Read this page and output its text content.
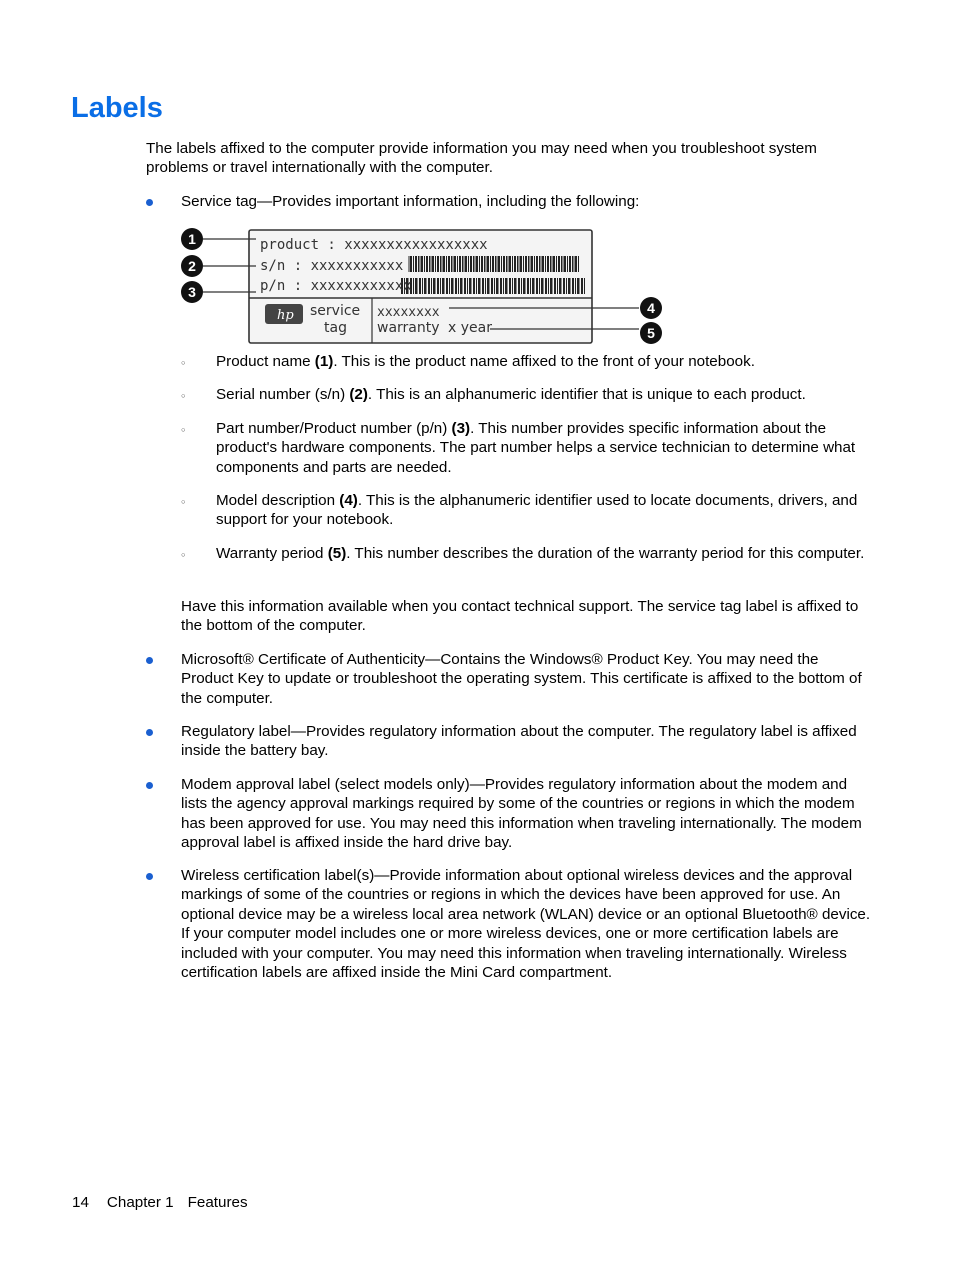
Labels

The labels affixed to the computer provide information you may need when you troubleshoot system problems or travel internationally with the computer.

Service tag—Provides important information, including the following:

product : xxxxxxxxxxxxxxxxx
s/n : xxxxxxxxxxx
p/n : xxxxxxxxxxxx
hp service
tag
xxxxxxxx
warranty x year
1
2
3
4
5
◦ Product name (1). This is the product name affixed to the front of your notebook.

◦ Serial number (s/n) (2). This is an alphanumeric identifier that is unique to each product.

◦ Part number/Product number (p/n) (3). This number provides specific information about the product's hardware components. The part number helps a service technician to determine what components and parts are needed.

◦ Model description (4). This is the alphanumeric identifier used to locate documents, drivers, and support for your notebook.

◦ Warranty period (5). This number describes the duration of the warranty period for this computer.

Have this information available when you contact technical support. The service tag label is affixed to the bottom of the computer.

Microsoft® Certificate of Authenticity—Contains the Windows® Product Key. You may need the Product Key to update or troubleshoot the operating system. This certificate is affixed to the bottom of the computer.

Regulatory label—Provides regulatory information about the computer. The regulatory label is affixed inside the battery bay.

Modem approval label (select models only)—Provides regulatory information about the modem and lists the agency approval markings required by some of the countries or regions in which the modem has been approved for use. You may need this information when traveling internationally. The modem approval label is affixed inside the hard drive bay.

Wireless certification label(s)—Provide information about optional wireless devices and the approval markings of some of the countries or regions in which the devices have been approved for use. An optional device may be a wireless local area network (WLAN) device or an optional Bluetooth® device. If your computer model includes one or more wireless devices, one or more certification labels are included with your computer. You may need this information when traveling internationally. Wireless certification labels are affixed inside the Mini Card compartment.

14 Chapter 1 Features
